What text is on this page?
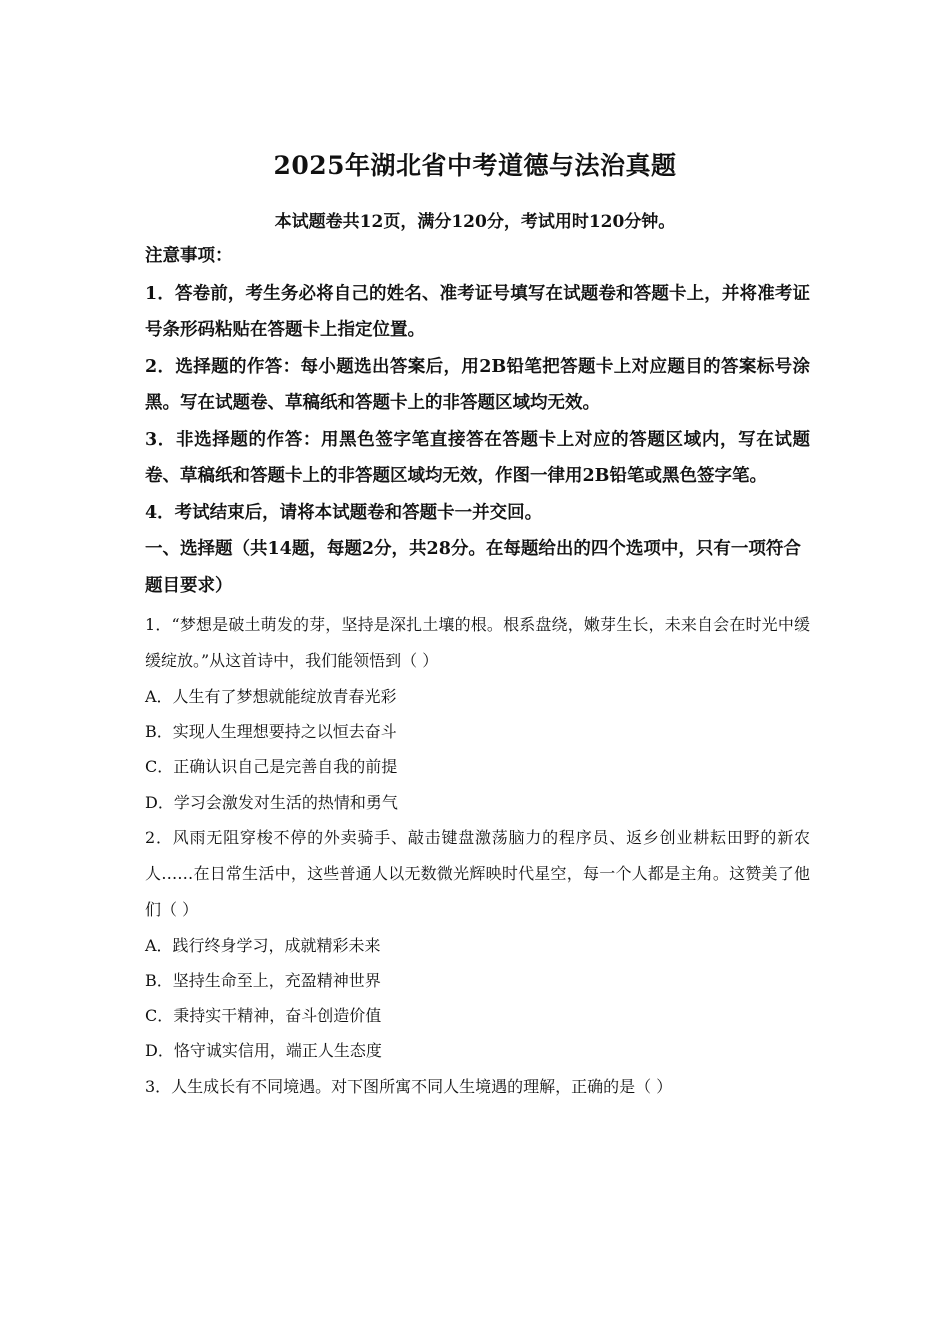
2025年湖北省中考道德与法治真题
本试题卷共12页，满分120分，考试用时120分钟。

注意事项：

1．答卷前，考生务必将自己的姓名、准考证号填写在试题卷和答题卡上，并将准考证号条形码粘贴在答题卡上指定位置。

2．选择题的作答：每小题选出答案后，用2B铅笔把答题卡上对应题目的答案标号涂黑。写在试题卷、草稿纸和答题卡上的非答题区域均无效。

3．非选择题的作答：用黑色签字笔直接答在答题卡上对应的答题区域内，写在试题卷、草稿纸和答题卡上的非答题区域均无效，作图一律用2B铅笔或黑色签字笔。

4．考试结束后，请将本试题卷和答题卡一并交回。

一、选择题（共14题，每题2分，共28分。在每题给出的四个选项中，只有一项符合题目要求）

1．“梦想是破土萌发的芽，坚持是深扎土壤的根。根系盘绕，嫩芽生长，未来自会在时光中缓缓绽放。”从这首诗中，我们能领悟到（ ）

A．人生有了梦想就能绽放青春光彩

B．实现人生理想要持之以恒去奋斗

C．正确认识自己是完善自我的前提

D．学习会激发对生活的热情和勇气

2．风雨无阻穿梭不停的外卖骑手、敲击键盘激荡脑力的程序员、返乡创业耕耘田野的新农人……在日常生活中，这些普通人以无数微光辉映时代星空，每一个人都是主角。这赞美了他们（ ）

A．践行终身学习，成就精彩未来

B．坚持生命至上，充盈精神世界

C．秉持实干精神，奋斗创造价值

D．恪守诚实信用，端正人生态度

3．人生成长有不同境遇。对下图所寓不同人生境遇的理解，正确的是（ ）
